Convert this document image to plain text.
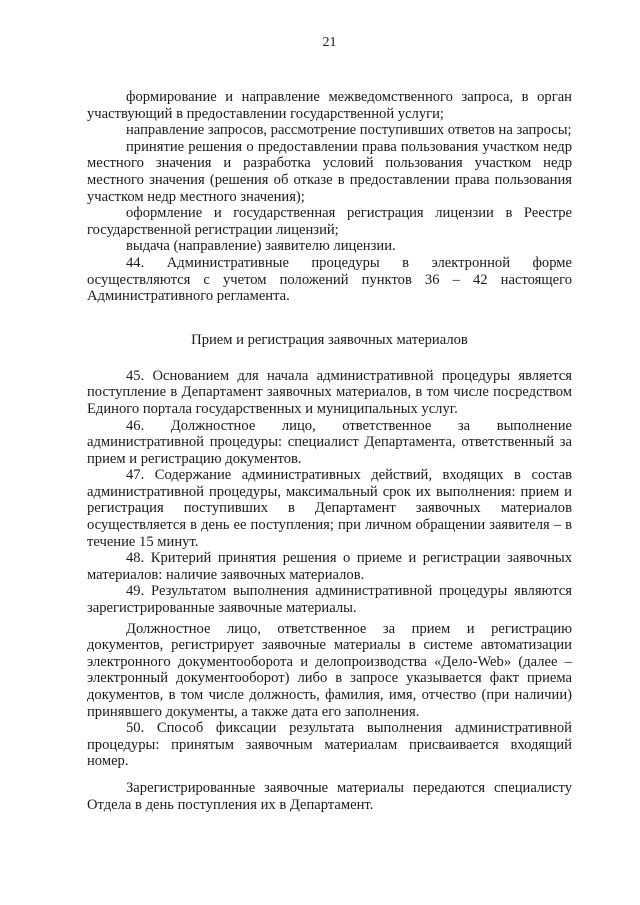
21

формирование и направление межведомственного запроса, в орган участвующий в предоставлении государственной услуги;

направление запросов, рассмотрение поступивших ответов на запросы;

принятие решения о предоставлении права пользования участком недр местного значения и разработка условий пользования участком недр местного значения (решения об отказе в предоставлении права пользования участком недр местного значения);

оформление и государственная регистрация лицензии в Реестре государственной регистрации лицензий;

выдача (направление) заявителю лицензии.

44. Административные процедуры в электронной форме осуществляются с учетом положений пунктов 36 – 42 настоящего Административного регламента.

Прием и регистрация заявочных материалов

45. Основанием для начала административной процедуры является поступление в Департамент заявочных материалов, в том числе посредством Единого портала государственных и муниципальных услуг.

46. Должностное лицо, ответственное за выполнение административной процедуры: специалист Департамента, ответственный за прием и регистрацию документов.

47. Содержание административных действий, входящих в состав административной процедуры, максимальный срок их выполнения: прием и регистрация поступивших в Департамент заявочных материалов осуществляется в день ее поступления; при личном обращении заявителя – в течение 15 минут.

48. Критерий принятия решения о приеме и регистрации заявочных материалов: наличие заявочных материалов.

49. Результатом выполнения административной процедуры являются зарегистрированные заявочные материалы.

Должностное лицо, ответственное за прием и регистрацию документов, регистрирует заявочные материалы в системе автоматизации электронного документооборота и делопроизводства «Дело-Web» (далее – электронный документооборот) либо в запросе указывается факт приема документов, в том числе должность, фамилия, имя, отчество (при наличии) принявшего документы, а также дата его заполнения.

50. Способ фиксации результата выполнения административной процедуры: принятым заявочным материалам присваивается входящий номер.

Зарегистрированные заявочные материалы передаются специалисту Отдела в день поступления их в Департамент.
